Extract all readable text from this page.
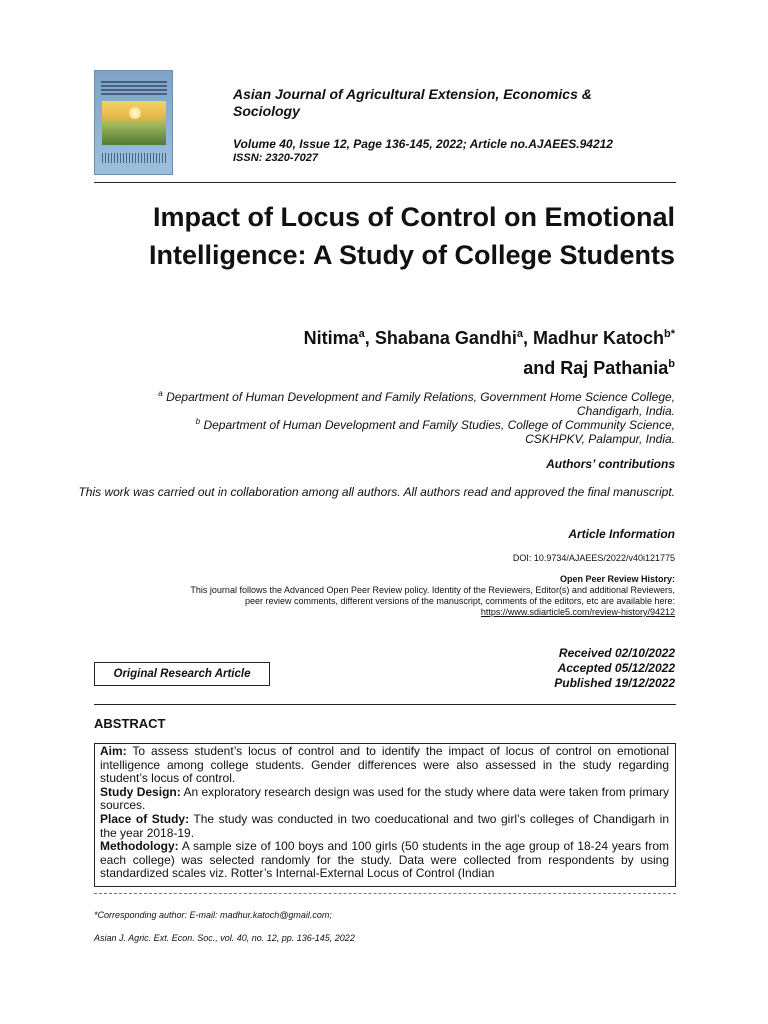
Asian Journal of Agricultural Extension, Economics & Sociology
Volume 40, Issue 12, Page 136-145, 2022; Article no.AJAEES.94212
ISSN: 2320-7027
Impact of Locus of Control on Emotional Intelligence: A Study of College Students
Nitima$^a$, Shabana Gandhi$^a$, Madhur Katoch$^{b*}$
and Raj Pathania$^b$
$^a$ Department of Human Development and Family Relations, Government Home Science College,
Chandigarh, India.
$^b$ Department of Human Development and Family Studies, College of Community Science,
CSKHPKV, Palampur, India.
Authors’ contributions
This work was carried out in collaboration among all authors. All authors read and approved the final manuscript.
Article Information
DOI: 10.9734/AJAEES/2022/v40i121775
Open Peer Review History:
This journal follows the Advanced Open Peer Review policy. Identity of the Reviewers, Editor(s) and additional Reviewers,
peer review comments, different versions of the manuscript, comments of the editors, etc are available here:
https://www.sdiarticle5.com/review-history/94212
Original Research Article
Received 02/10/2022
Accepted 05/12/2022
Published 19/12/2022
ABSTRACT

Aim: To assess student’s locus of control and to identify the impact of locus of control on emotional intelligence among college students. Gender differences were also assessed in the study regarding student’s locus of control.

Study Design: An exploratory research design was used for the study where data were taken from primary sources.

Place of Study: The study was conducted in two coeducational and two girl’s colleges of Chandigarh in the year 2018-19.

Methodology: A sample size of 100 boys and 100 girls (50 students in the age group of 18-24 years from each college) was selected randomly for the study. Data were collected from respondents by using standardized scales viz. Rotter’s Internal-External Locus of Control (Indian

*Corresponding author: E-mail: madhur.katoch@gmail.com;
Asian J. Agric. Ext. Econ. Soc., vol. 40, no. 12, pp. 136-145, 2022
